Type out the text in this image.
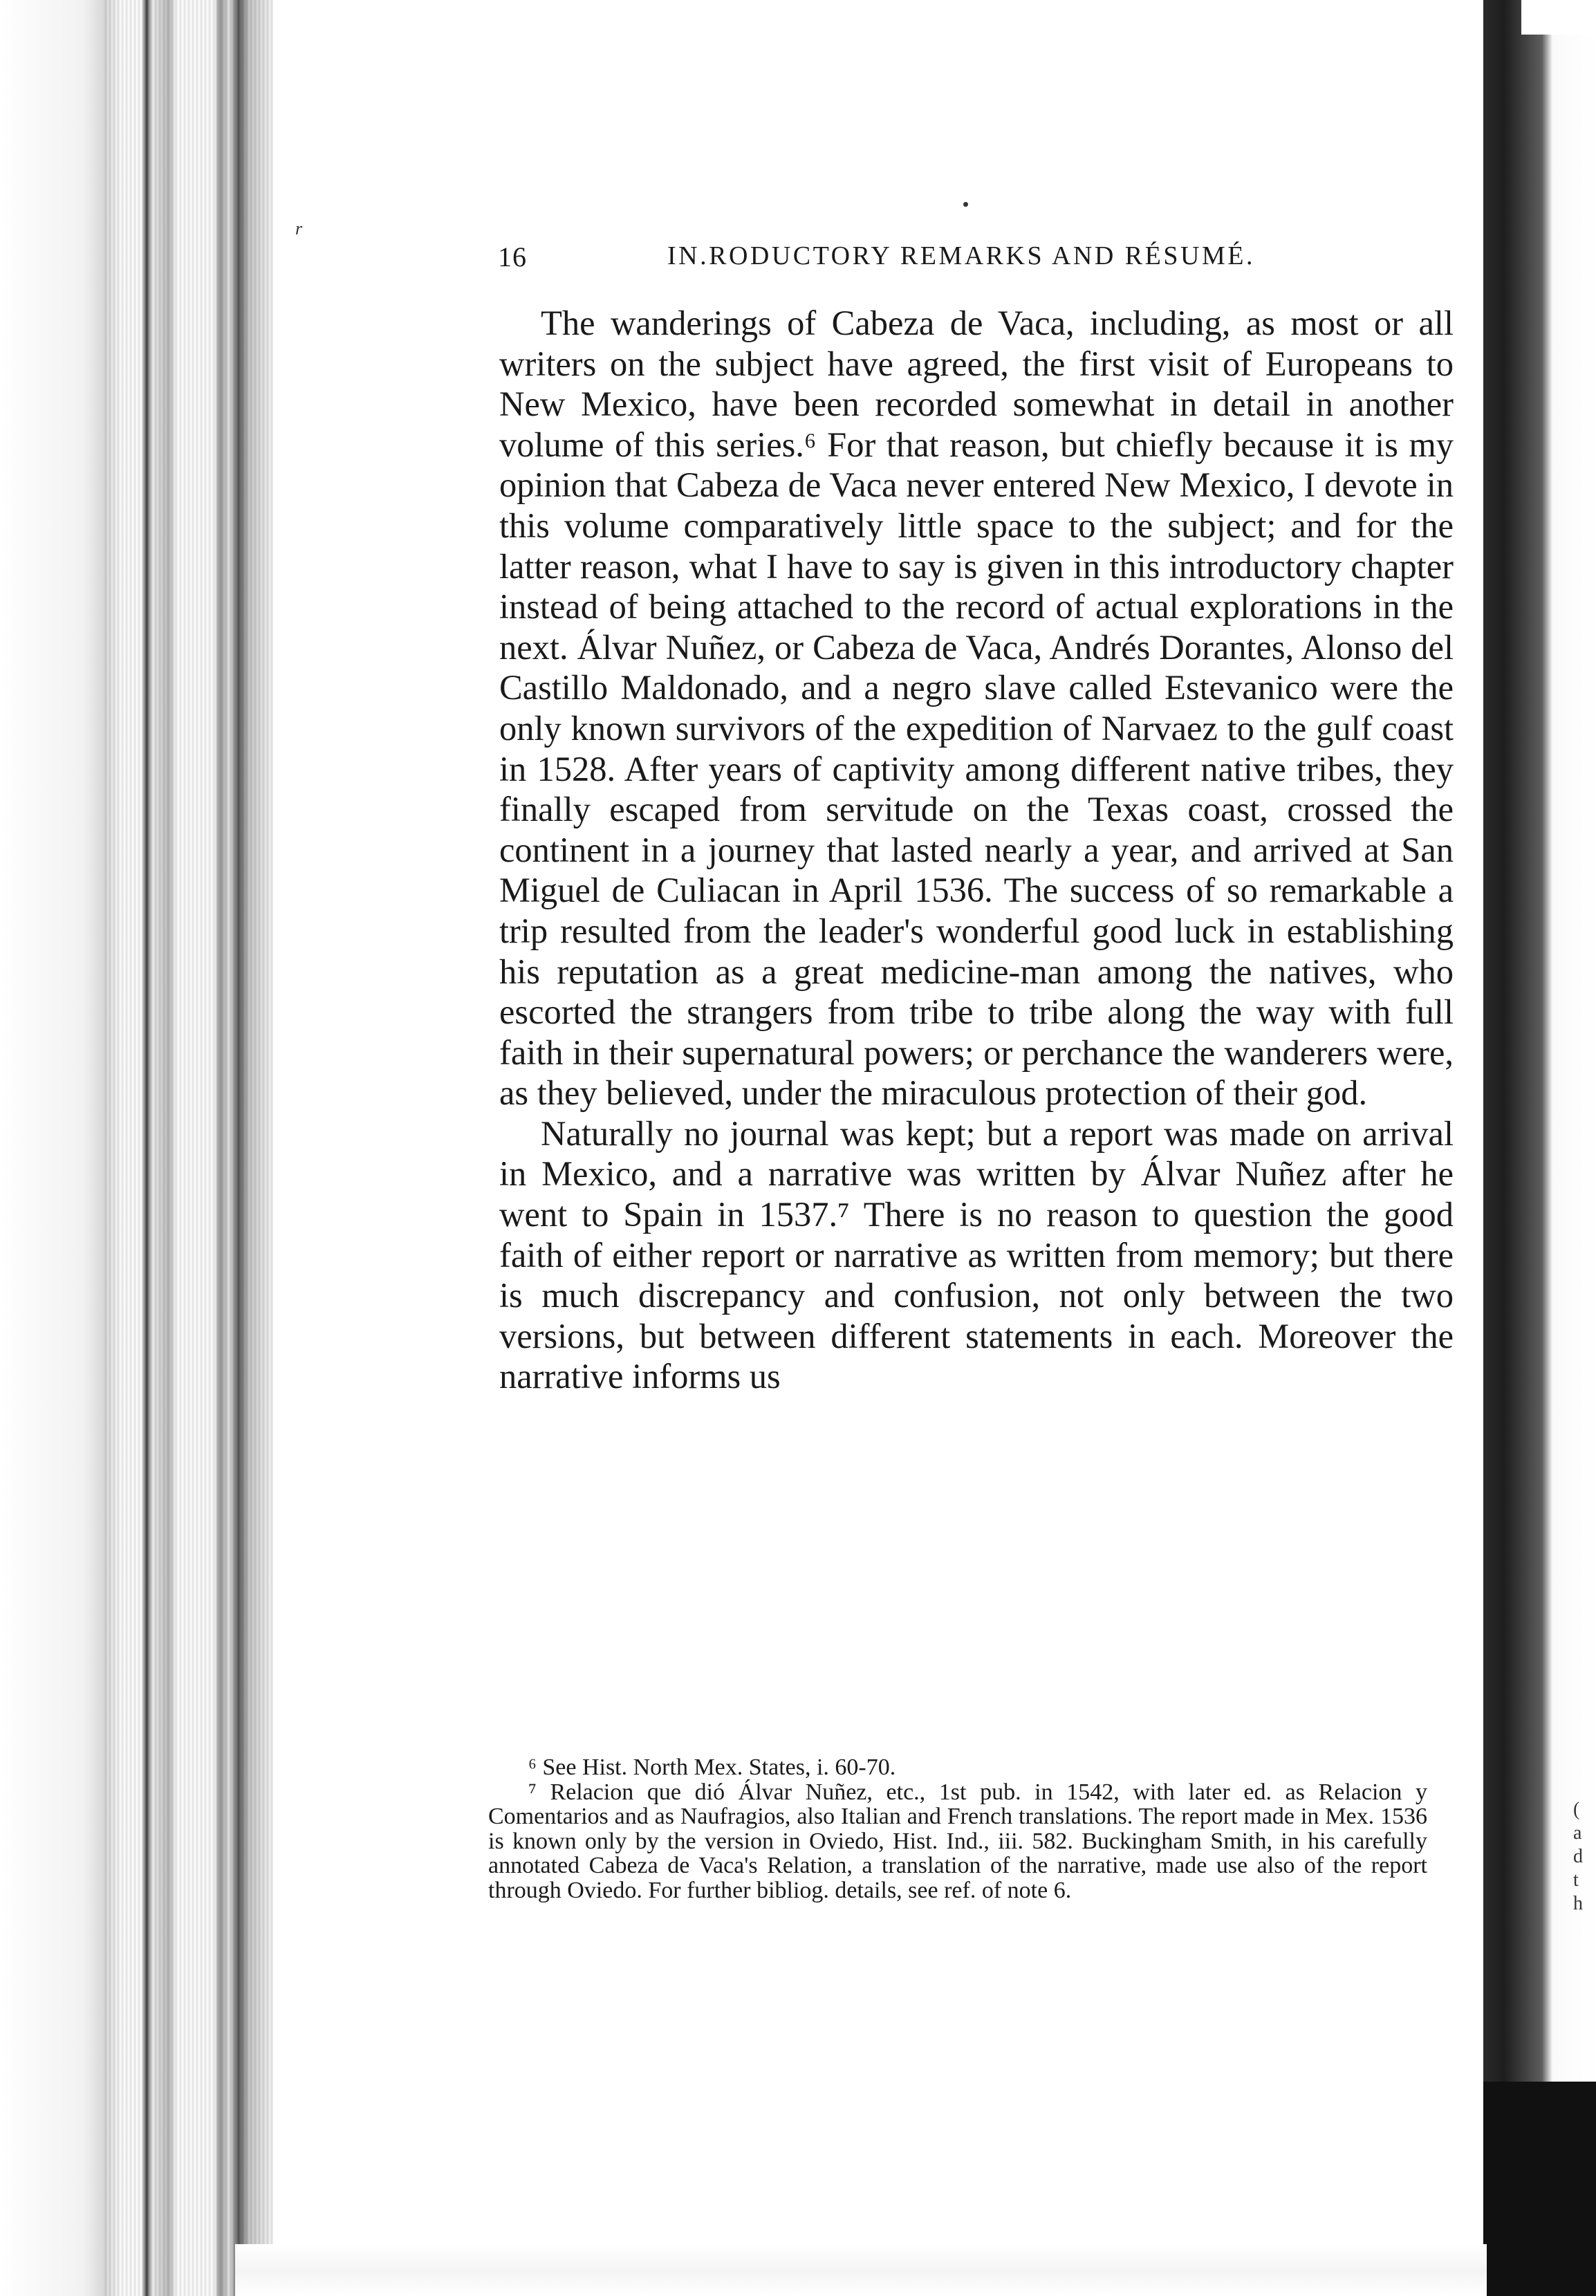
r
16	IN.RODUCTORY REMARKS AND RÉSUMÉ.

The wanderings of Cabeza de Vaca, including, as most or all writers on the subject have agreed, the first visit of Europeans to New Mexico, have been recorded somewhat in detail in another volume of this series.⁶ For that reason, but chiefly because it is my opinion that Cabeza de Vaca never entered New Mexico, I devote in this volume comparatively little space to the subject; and for the latter reason, what I have to say is given in this introductory chapter instead of being attached to the record of actual explorations in the next. Álvar Nuñez, or Cabeza de Vaca, Andrés Dorantes, Alonso del Castillo Maldonado, and a negro slave called Estevanico were the only known survivors of the expedition of Narvaez to the gulf coast in 1528. After years of captivity among different native tribes, they finally escaped from servitude on the Texas coast, crossed the continent in a journey that lasted nearly a year, and arrived at San Miguel de Culiacan in April 1536. The success of so remarkable a trip resulted from the leader's wonderful good luck in establishing his reputation as a great medicine-man among the natives, who escorted the strangers from tribe to tribe along the way with full faith in their supernatural powers; or perchance the wanderers were, as they believed, under the miraculous protection of their god.

Naturally no journal was kept; but a report was made on arrival in Mexico, and a narrative was written by Álvar Nuñez after he went to Spain in 1537.⁷ There is no reason to question the good faith of either report or narrative as written from memory; but there is much discrepancy and confusion, not only between the two versions, but between different statements in each. Moreover the narrative informs us

⁶ See Hist. North Mex. States, i. 60-70.

⁷ Relacion que dió Álvar Nuñez, etc., 1st pub. in 1542, with later ed. as Relacion y Comentarios and as Naufragios, also Italian and French translations. The report made in Mex. 1536 is known only by the version in Oviedo, Hist. Ind., iii. 582. Buckingham Smith, in his carefully annotated Cabeza de Vaca's Relation, a translation of the narrative, made use also of the report through Oviedo. For further bibliog. details, see ref. of note 6.

(
a
d
t
h
